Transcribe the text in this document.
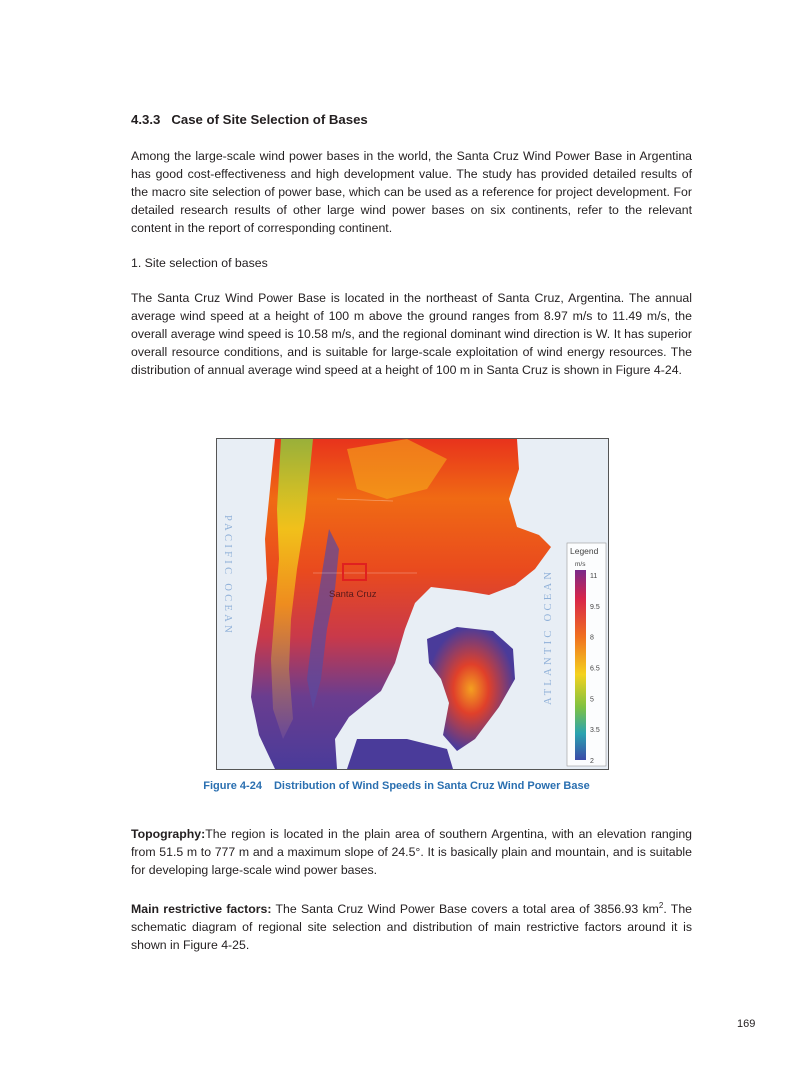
4.3.3 Case of Site Selection of Bases

Among the large-scale wind power bases in the world, the Santa Cruz Wind Power Base in Argentina has good cost-effectiveness and high development value. The study has provided detailed results of the macro site selection of power base, which can be used as a reference for project development. For detailed research results of other large wind power bases on six continents, refer to the relevant content in the report of corresponding continent.

1. Site selection of bases

The Santa Cruz Wind Power Base is located in the northeast of Santa Cruz, Argentina. The annual average wind speed at a height of 100 m above the ground ranges from 8.97 m/s to 11.49 m/s, the overall average wind speed is 10.58 m/s, and the regional dominant wind direction is W. It has superior overall resource conditions, and is suitable for large-scale exploitation of wind energy resources. The distribution of annual average wind speed at a height of 100 m in Santa Cruz is shown in Figure 4-24.

Santa Cruz
PACIFIC OCEAN	ATLANTIC OCEAN
Legend
m/s
11
9.5
8
6.5
5
3.5
2

Figure 4-24 Distribution of Wind Speeds in Santa Cruz Wind Power Base

Topography:The region is located in the plain area of southern Argentina, with an elevation ranging from 51.5 m to 777 m and a maximum slope of 24.5°. It is basically plain and mountain, and is suitable for developing large-scale wind power bases.

Main restrictive factors: The Santa Cruz Wind Power Base covers a total area of 3856.93 $km^2$. The schematic diagram of regional site selection and distribution of main restrictive factors around it is shown in Figure 4-25.

169
